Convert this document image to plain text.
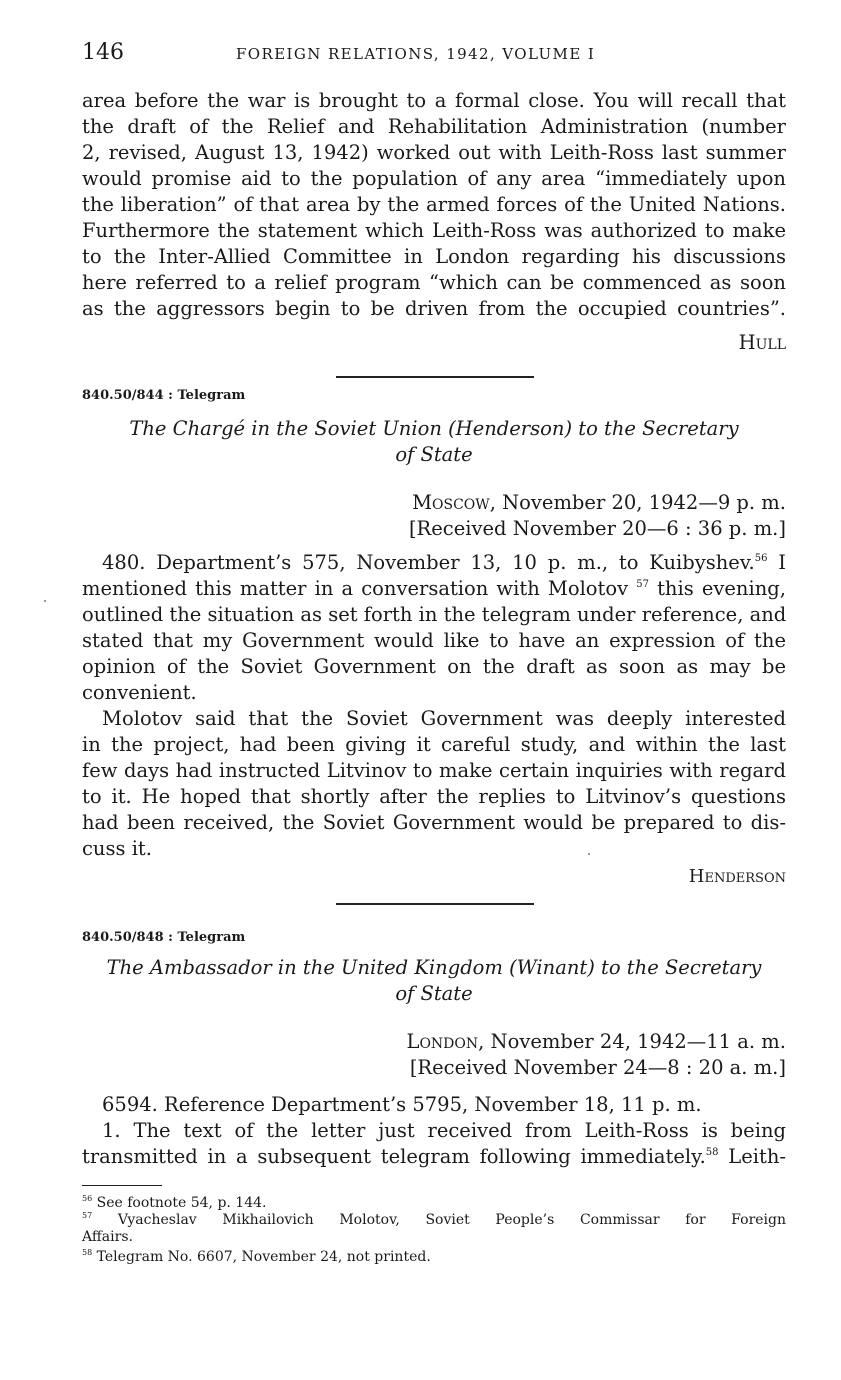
146	FOREIGN RELATIONS, 1942, VOLUME I
area before the war is brought to a formal close. You will recall that
the draft of the Relief and Rehabilitation Administration (number
2, revised, August 13, 1942) worked out with Leith-Ross last summer
would promise aid to the population of any area “immediately upon
the liberation” of that area by the armed forces of the United Nations.
Furthermore the statement which Leith-Ross was authorized to make
to the Inter-Allied Committee in London regarding his discussions
here referred to a relief program “which can be commenced as soon
as the aggressors begin to be driven from the occupied countries”.
Hull
840.50/844 : Telegram
The Chargé in the Soviet Union (Henderson) to the Secretary
of State
Moscow, November 20, 1942—9 p. m.
[Received November 20—6 : 36 p. m.]
480. Department’s 575, November 13, 10 p. m., to Kuibyshev.$^{56}$ I
mentioned this matter in a conversation with Molotov $^{57}$ this evening,
outlined the situation as set forth in the telegram under reference, and
stated that my Government would like to have an expression of the
opinion of the Soviet Government on the draft as soon as may be
convenient.
Molotov said that the Soviet Government was deeply interested
in the project, had been giving it careful study, and within the last
few days had instructed Litvinov to make certain inquiries with regard
to it. He hoped that shortly after the replies to Litvinov’s questions
had been received, the Soviet Government would be prepared to dis-
cuss it.
Henderson
840.50/848 : Telegram
The Ambassador in the United Kingdom (Winant) to the Secretary
of State
London, November 24, 1942—11 a. m.
[Received November 24—8 : 20 a. m.]
6594. Reference Department’s 5795, November 18, 11 p. m.
1. The text of the letter just received from Leith-Ross is being
transmitted in a subsequent telegram following immediately.$^{58}$ Leith-
$^{56}$ See footnote 54, p. 144.
$^{57}$ Vyacheslav Mikhailovich Molotov, Soviet People’s Commissar for Foreign
Affairs.
$^{58}$ Telegram No. 6607, November 24, not printed.
